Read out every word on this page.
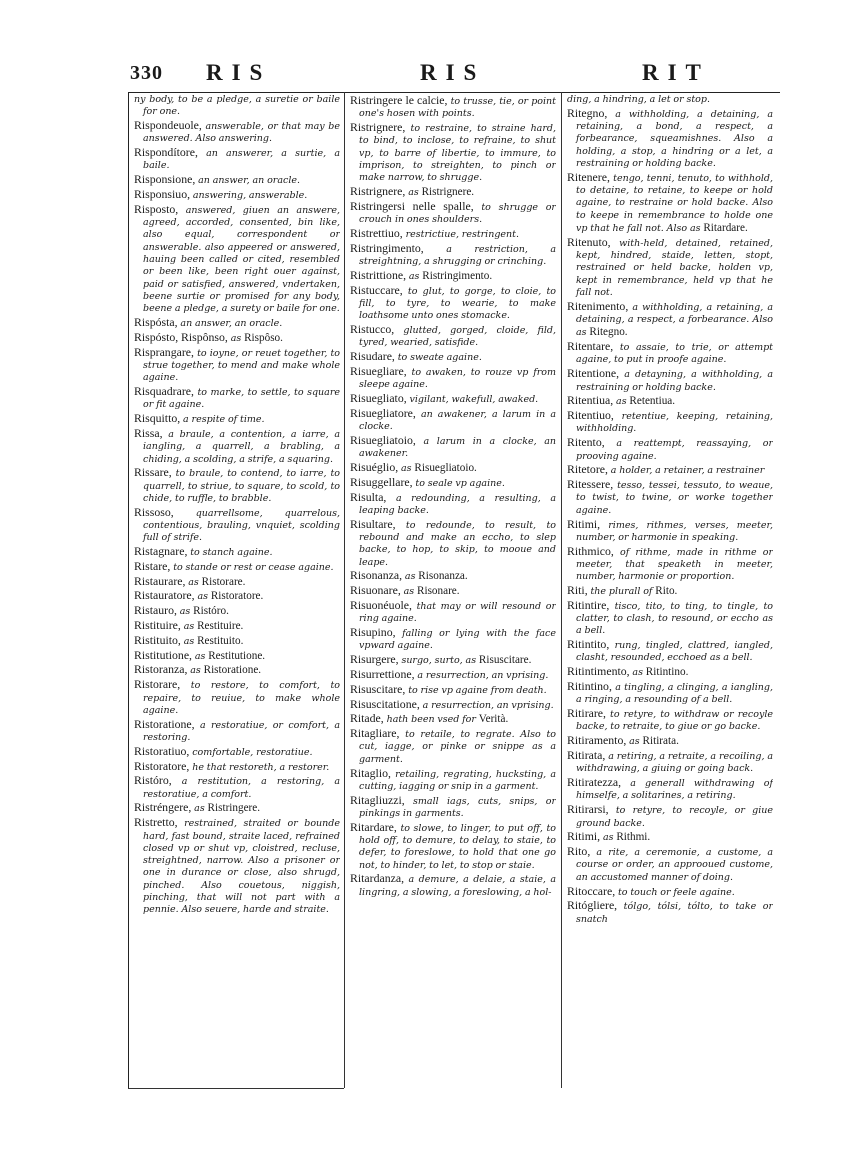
330 RIS	RIS	RIT

ny body, to be a pledge, a suretie or baile for one.

Rispondeuole, answerable, or that may be answered. Also answering.

Rispondítore, an answerer, a surtie, a baile.

Risponsione, an answer, an oracle.

Risponsiuo, answering, answerable.

Risposto, answered, giuen an answere, agreed, accorded, consented, bin like, also equal, correspondent or answerable. also appeered or answered, hauing been called or cited, resembled or been like, been right ouer against, paid or satisfied, answered, vndertaken, beene surtie or promised for any body, beene a pledge, a surety or baile for one.

Rispósta, an answer, an oracle.

Rispósto, Rispônso, as Rispôso.

Risprangare, to ioyne, or reuet together, to strue together, to mend and make whole againe.

Risquadrare, to marke, to settle, to square or fit againe.

Risquitto, a respite of time.

Rissa, a braule, a contention, a iarre, a iangling, a quarrell, a brabling, a chiding, a scolding, a strife, a squaring.

Rissare, to braule, to contend, to iarre, to quarrell, to striue, to square, to scold, to chide, to ruffle, to brabble.

Rissoso, quarrellsome, quarrelous, contentious, brauling, vnquiet, scolding full of strife.

Ristagnare, to stanch againe.

Ristare, to stande or rest or cease againe.

Ristaurare, as Ristorare.

Ristauratore, as Ristoratore.

Ristauro, as Ristóro.

Ristituire, as Restituire.

Ristituito, as Restituito.

Ristitutione, as Restitutione.

Ristoranza, as Ristoratione.

Ristorare, to restore, to comfort, to repaire, to reuiue, to make whole againe.

Ristoratione, a restoratiue, or comfort, a restoring.

Ristoratiuo, comfortable, restoratiue.

Ristoratore, he that restoreth, a restorer.

Ristóro, a restitution, a restoring, a restoratiue, a comfort.

Ristréngere, as Ristringere.

Ristretto, restrained, straited or bounde hard, fast bound, straite laced, refrained closed vp or shut vp, cloistred, recluse, streightned, narrow. Also a prisoner or one in durance or close, also shrugd, pinched. Also couetous, niggish, pinching, that will not part with a pennie. Also seuere, harde and straite.

Ristringere le calcie, to trusse, tie, or point one's hosen with points.

Ristrignere, to restraine, to straine hard, to bind, to inclose, to refraine, to shut vp, to barre of libertie, to immure, to imprison, to streighten, to pinch or make narrow, to shrugge.

Ristrignere, as Ristrignere.

Ristringersi nelle spalle, to shrugge or crouch in ones shoulders.

Ristrettiuo, restrictiue, restringent.

Ristringimento, a restriction, a streightning, a shrugging or crinching.

Ristrittione, as Ristringimento.

Ristuccare, to glut, to gorge, to cloie, to fill, to tyre, to wearie, to make loathsome unto ones stomacke.

Ristucco, glutted, gorged, cloide, fild, tyred, wearied, satisfide.

Risudare, to sweate againe.

Risuegliare, to awaken, to rouze vp from sleepe againe.

Risuegliato, vigilant, wakefull, awaked.

Risuegliatore, an awakener, a larum in a clocke.

Risuegliatoio, a larum in a clocke, an awakener.

Risuéglio, as Risuegliatoio.

Risuggellare, to seale vp againe.

Risulta, a redounding, a resulting, a leaping backe.

Risultare, to redounde, to result, to rebound and make an eccho, to slep backe, to hop, to skip, to mooue and leape.

Risonanza, as Risonanza.

Risuonare, as Risonare.

Risuonéuole, that may or will resound or ring againe.

Risupino, falling or lying with the face vpward againe.

Risurgere, surgo, surto, as Risuscitare.

Risurrettione, a resurrection, an vprising.

Risuscitare, to rise vp againe from death.

Risuscitatione, a resurrection, an vprising.

Ritade, hath been vsed for Verità.

Ritagliare, to retaile, to regrate. Also to cut, iagge, or pinke or snippe as a garment.

Ritaglio, retailing, regrating, hucksting, a cutting, iagging or snip in a garment.

Ritagliuzzi, small iags, cuts, snips, or pinkings in garments.

Ritardare, to slowe, to linger, to put off, to hold off, to demure, to delay, to staie, to defer, to foreslowe, to hold that one go not, to hinder, to let, to stop or staie.

Ritardanza, a demure, a delaie, a staie, a lingring, a slowing, a foreslowing, a hol-

ding, a hindring, a let or stop.

Ritegno, a withholding, a detaining, a retaining, a bond, a respect, a forbearance, squeamishnes. Also a holding, a stop, a hindring or a let, a restraining or holding backe.

Ritenere, tengo, tenni, tenuto, to withhold, to detaine, to retaine, to keepe or hold againe, to restraine or hold backe. Also to keepe in remembrance to holde one vp that he fall not. Also as Ritardare.

Ritenuto, with-held, detained, retained, kept, hindred, staide, letten, stopt, restrained or held backe, holden vp, kept in remembrance, held vp that he fall not.

Ritenimento, a withholding, a retaining, a detaining, a respect, a forbearance. Also as Ritegno.

Ritentare, to assaie, to trie, or attempt againe, to put in proofe againe.

Ritentione, a detayning, a withholding, a restraining or holding backe.

Ritentiua, as Retentiua.

Ritentiuo, retentiue, keeping, retaining, withholding.

Ritento, a reattempt, reassaying, or prooving againe.

Ritetore, a holder, a retainer, a restrainer

Ritessere, tesso, tessei, tessuto, to weaue, to twist, to twine, or worke together againe.

Ritimi, rimes, rithmes, verses, meeter, number, or harmonie in speaking.

Rithmico, of rithme, made in rithme or meeter, that speaketh in meeter, number, harmonie or proportion.

Riti, the plurall of Rito.

Ritintire, tisco, tito, to ting, to tingle, to clatter, to clash, to resound, or eccho as a bell.

Ritintito, rung, tingled, clattred, iangled, clasht, resounded, ecchoed as a bell.

Ritintimento, as Ritintino.

Ritintino, a tingling, a clinging, a iangling, a ringing, a resounding of a bell.

Ritirare, to retyre, to withdraw or recoyle backe, to retraite, to giue or go backe.

Ritiramento, as Ritirata.

Ritirata, a retiring, a retraite, a recoiling, a withdrawing, a giuing or going back.

Ritiratezza, a generall withdrawing of himselfe, a solitarines, a retiring.

Ritirarsi, to retyre, to recoyle, or giue ground backe.

Ritimi, as Rithmi.

Rito, a rite, a ceremonie, a custome, a course or order, an approoued custome, an accustomed manner of doing.

Ritoccare, to touch or feele againe.

Ritógliere, tólgo, tólsi, tólto, to take or snatch
